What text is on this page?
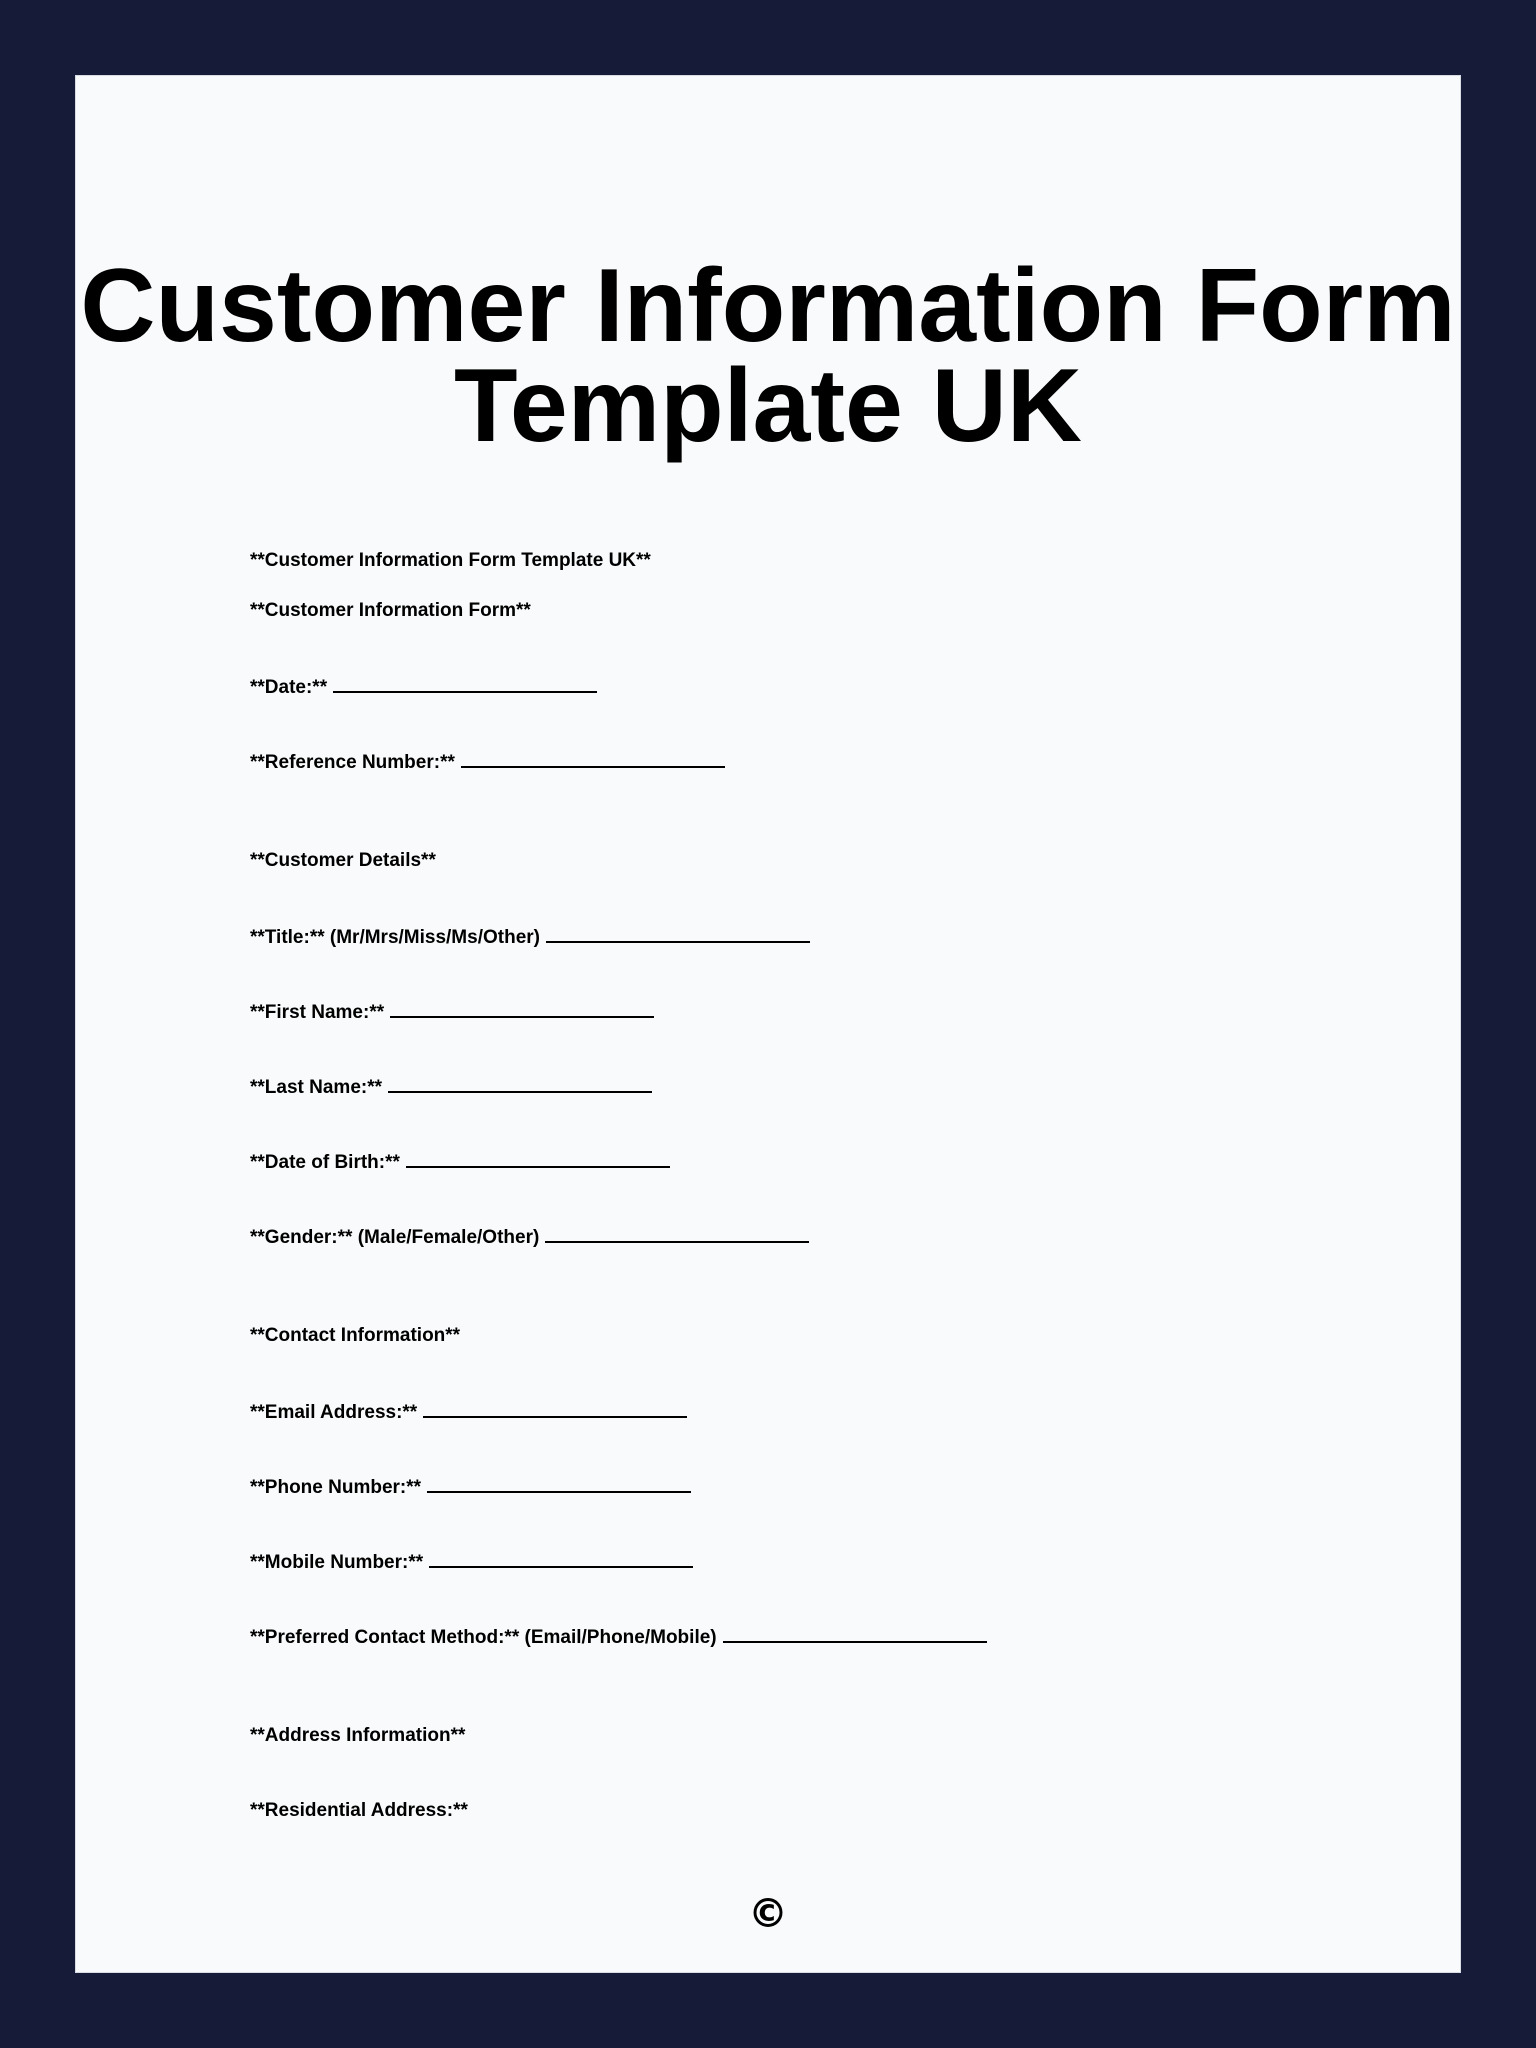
Customer Information Form
Template UK

**Customer Information Form Template UK**

**Customer Information Form**

**Date:**

**Reference Number:**

**Customer Details**

**Title:** (Mr/Mrs/Miss/Ms/Other)

**First Name:**

**Last Name:**

**Date of Birth:**

**Gender:** (Male/Female/Other)

**Contact Information**

**Email Address:**

**Phone Number:**

**Mobile Number:**

**Preferred Contact Method:** (Email/Phone/Mobile)

**Address Information**

**Residential Address:**

©
